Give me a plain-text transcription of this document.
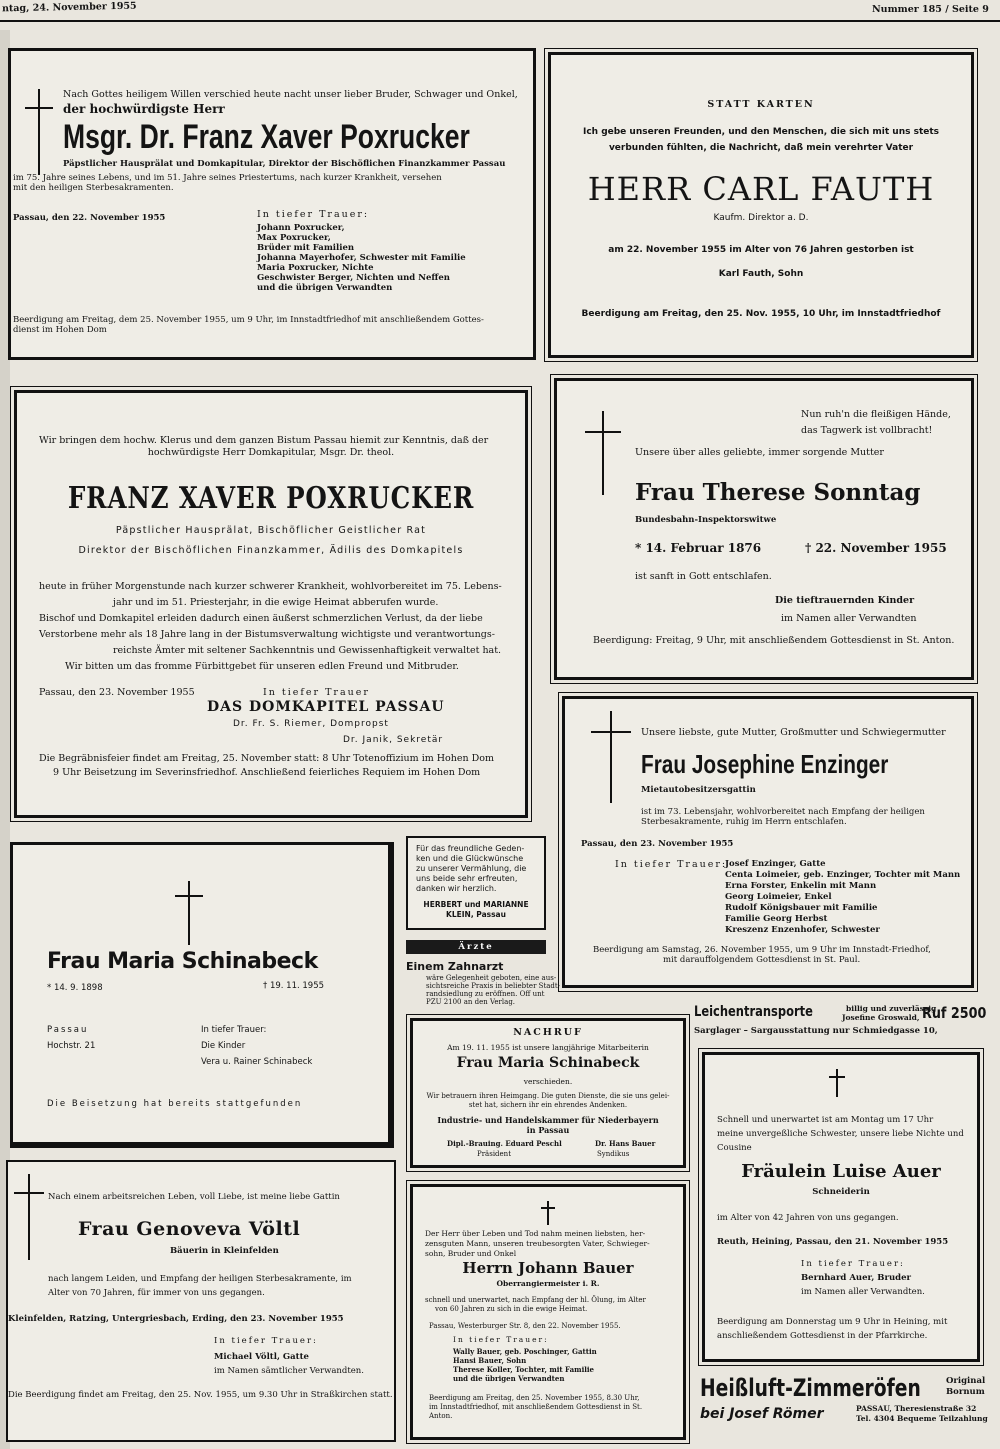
ntag, 24. November 1955	Nummer 185 / Seite 9
Nach Gottes heiligem Willen verschied heute nacht unser lieber Bruder, Schwager und Onkel,
der hochwürdigste Herr
Msgr. Dr. Franz Xaver Poxrucker
Päpstlicher Hausprälat und Domkapitular, Direktor der Bischöflichen Finanzkammer Passau
im 75. Jahre seines Lebens, und im 51. Jahre seines Priestertums, nach kurzer Krankheit, versehen
mit den heiligen Sterbesakramenten.
Passau, den 22. November 1955	In tiefer Trauer:
Johann Poxrucker,
Max Poxrucker,
Brüder mit Familien
Johanna Mayerhofer, Schwester mit Familie
Maria Poxrucker, Nichte
Geschwister Berger, Nichten und Neffen
und die übrigen Verwandten
Beerdigung am Freitag, dem 25. November 1955, um 9 Uhr, im Innstadtfriedhof mit anschließendem Gottes-
dienst im Hohen Dom
STATT KARTEN
Ich gebe unseren Freunden, und den Menschen, die sich mit uns stets
verbunden fühlten, die Nachricht, daß mein verehrter Vater
HERR CARL FAUTH
Kaufm. Direktor a. D.
am 22. November 1955 im Alter von 76 Jahren gestorben ist
Karl Fauth, Sohn
Beerdigung am Freitag, den 25. Nov. 1955, 10 Uhr, im Innstadtfriedhof
Wir bringen dem hochw. Klerus und dem ganzen Bistum Passau hiemit zur Kenntnis, daß der
hochwürdigste Herr Domkapitular, Msgr. Dr. theol.
FRANZ XAVER POXRUCKER
Päpstlicher Hausprälat, Bischöflicher Geistlicher Rat
Direktor der Bischöflichen Finanzkammer, Ädilis des Domkapitels
heute in früher Morgenstunde nach kurzer schwerer Krankheit, wohlvorbereitet im 75. Lebens-
jahr und im 51. Priesterjahr, in die ewige Heimat abberufen wurde.
Bischof und Domkapitel erleiden dadurch einen äußerst schmerzlichen Verlust, da der liebe
Verstorbene mehr als 18 Jahre lang in der Bistumsverwaltung wichtigste und verantwortungs-
reichste Ämter mit seltener Sachkenntnis und Gewissenhaftigkeit verwaltet hat.
Wir bitten um das fromme Fürbittgebet für unseren edlen Freund und Mitbruder.
Passau, den 23. November 1955	In tiefer Trauer
DAS DOMKAPITEL PASSAU
Dr. Fr. S. Riemer, Dompropst
Dr. Janik, Sekretär
Die Begräbnisfeier findet am Freitag, 25. November statt: 8 Uhr Totenoffizium im Hohen Dom
9 Uhr Beisetzung im Severinsfriedhof. Anschließend feierliches Requiem im Hohen Dom
Nun ruh'n die fleißigen Hände,
das Tagwerk ist vollbracht!
Unsere über alles geliebte, immer sorgende Mutter
Frau Therese Sonntag
Bundesbahn-Inspektorswitwe
* 14. Februar 1876	† 22. November 1955
ist sanft in Gott entschlafen.
Die tieftrauernden Kinder
im Namen aller Verwandten
Beerdigung: Freitag, 9 Uhr, mit anschließendem Gottesdienst in St. Anton.
Unsere liebste, gute Mutter, Großmutter und Schwiegermutter
Frau Josephine Enzinger
Mietautobesitzersgattin
ist im 73. Lebensjahr, wohlvorbereitet nach Empfang der heiligen
Sterbesakramente, ruhig im Herrn entschlafen.
Passau, den 23. November 1955
In tiefer Trauer:
Josef Enzinger, Gatte
Centa Loimeier, geb. Enzinger, Tochter mit Mann
Erna Forster, Enkelin mit Mann
Georg Loimeier, Enkel
Rudolf Königsbauer mit Familie
Familie Georg Herbst
Kreszenz Enzenhofer, Schwester
Beerdigung am Samstag, 26. November 1955, um 9 Uhr im Innstadt-Friedhof,
mit darauffolgendem Gottesdienst in St. Paul.
Frau Maria Schinabeck
* 14. 9. 1898	† 19. 11. 1955
Passau
Hochstr. 21
In tiefer Trauer:
Die Kinder
Vera u. Rainer Schinabeck
Die Beisetzung hat bereits stattgefunden
Für das freundliche Geden-
ken und die Glückwünsche
zu unserer Vermählung, die
uns beide sehr erfreuten,
danken wir herzlich.
HERBERT und MARIANNE
KLEIN, Passau
Ärzte
Einem Zahnarzt
wäre Gelegenheit geboten, eine aus-
sichtsreiche Praxis in beliebter Stadt-
randsiedlung zu eröffnen. Off unt
PZU 2100 an den Verlag.
Leichentransporte	billig und zuverlässig
Josefine Groswald, Ruf 2500
Sarglager – Sargausstattung nur Schmiedgasse 10,
NACHRUF
Am 19. 11. 1955 ist unsere langjährige Mitarbeiterin
Frau Maria Schinabeck
verschieden.
Wir betrauern ihren Heimgang. Die guten Dienste, die sie uns gelei-
stet hat, sichern ihr ein ehrendes Andenken.
Industrie- und Handelskammer für Niederbayern
in Passau
Dipl.-Brauing. Eduard Peschl
Präsident
Dr. Hans Bauer
Syndikus
Schnell und unerwartet ist am Montag um 17 Uhr
meine unvergeßliche Schwester, unsere liebe Nichte und
Cousine
Fräulein Luise Auer
Schneiderin
im Alter von 42 Jahren von uns gegangen.
Reuth, Heining, Passau, den 21. November 1955
In tiefer Trauer:
Bernhard Auer, Bruder
im Namen aller Verwandten.
Beerdigung am Donnerstag um 9 Uhr in Heining, mit
anschließendem Gottesdienst in der Pfarrkirche.
Nach einem arbeitsreichen Leben, voll Liebe, ist meine liebe Gattin
Frau Genoveva Völtl
Bäuerin in Kleinfelden
nach langem Leiden, und Empfang der heiligen Sterbesakramente, im
Alter von 70 Jahren, für immer von uns gegangen.
Kleinfelden, Ratzing, Untergriesbach, Erding, den 23. November 1955
In tiefer Trauer:
Michael Völtl, Gatte
im Namen sämtlicher Verwandten.
Die Beerdigung findet am Freitag, den 25. Nov. 1955, um 9.30 Uhr in Straßkirchen statt.
Der Herr über Leben und Tod nahm meinen liebsten, her-
zensguten Mann, unseren treubesorgten Vater, Schwieger-
sohn, Bruder und Onkel
Herrn Johann Bauer
Oberrangiermeister i. R.
schnell und unerwartet, nach Empfang der hl. Ölung, im Alter
von 60 Jahren zu sich in die ewige Heimat.
Passau, Westerburger Str. 8, den 22. November 1955.
In tiefer Trauer:
Wally Bauer, geb. Poschinger, Gattin
Hansi Bauer, Sohn
Therese Koller, Tochter, mit Familie
und die übrigen Verwandten
Beerdigung am Freitag, den 25. November 1955, 8.30 Uhr,
im Innstadtfriedhof, mit anschließendem Gottesdienst in St.
Anton.
Heißluft-Zimmeröfen	Original
Bornum
bei Josef Römer	PASSAU, Theresienstraße 32
Tel. 4304 Bequeme Teilzahlung
